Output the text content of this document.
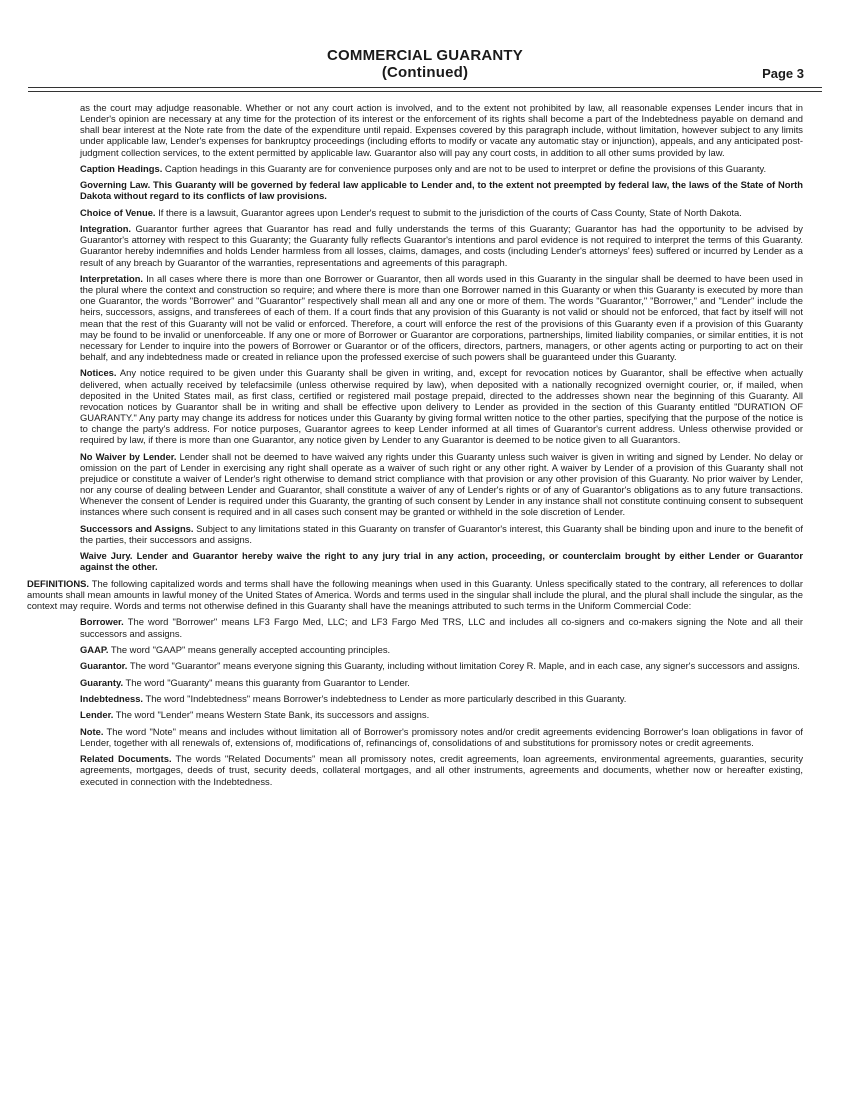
COMMERCIAL GUARANTY
(Continued)	Page 3

as the court may adjudge reasonable. Whether or not any court action is involved, and to the extent not prohibited by law, all reasonable expenses Lender incurs that in Lender's opinion are necessary at any time for the protection of its interest or the enforcement of its rights shall become a part of the Indebtedness payable on demand and shall bear interest at the Note rate from the date of the expenditure until repaid. Expenses covered by this paragraph include, without limitation, however subject to any limits under applicable law, Lender's expenses for bankruptcy proceedings (including efforts to modify or vacate any automatic stay or injunction), appeals, and any anticipated post-judgment collection services, to the extent permitted by applicable law. Guarantor also will pay any court costs, in addition to all other sums provided by law.

Caption Headings. Caption headings in this Guaranty are for convenience purposes only and are not to be used to interpret or define the provisions of this Guaranty.

Governing Law. This Guaranty will be governed by federal law applicable to Lender and, to the extent not preempted by federal law, the laws of the State of North Dakota without regard to its conflicts of law provisions.

Choice of Venue. If there is a lawsuit, Guarantor agrees upon Lender's request to submit to the jurisdiction of the courts of Cass County, State of North Dakota.

Integration. Guarantor further agrees that Guarantor has read and fully understands the terms of this Guaranty; Guarantor has had the opportunity to be advised by Guarantor's attorney with respect to this Guaranty; the Guaranty fully reflects Guarantor's intentions and parol evidence is not required to interpret the terms of this Guaranty. Guarantor hereby indemnifies and holds Lender harmless from all losses, claims, damages, and costs (including Lender's attorneys' fees) suffered or incurred by Lender as a result of any breach by Guarantor of the warranties, representations and agreements of this paragraph.

Interpretation. In all cases where there is more than one Borrower or Guarantor, then all words used in this Guaranty in the singular shall be deemed to have been used in the plural where the context and construction so require; and where there is more than one Borrower named in this Guaranty or when this Guaranty is executed by more than one Guarantor, the words "Borrower" and "Guarantor" respectively shall mean all and any one or more of them. The words "Guarantor," "Borrower," and "Lender" include the heirs, successors, assigns, and transferees of each of them. If a court finds that any provision of this Guaranty is not valid or should not be enforced, that fact by itself will not mean that the rest of this Guaranty will not be valid or enforced. Therefore, a court will enforce the rest of the provisions of this Guaranty even if a provision of this Guaranty may be found to be invalid or unenforceable. If any one or more of Borrower or Guarantor are corporations, partnerships, limited liability companies, or similar entities, it is not necessary for Lender to inquire into the powers of Borrower or Guarantor or of the officers, directors, partners, managers, or other agents acting or purporting to act on their behalf, and any indebtedness made or created in reliance upon the professed exercise of such powers shall be guaranteed under this Guaranty.

Notices. Any notice required to be given under this Guaranty shall be given in writing, and, except for revocation notices by Guarantor, shall be effective when actually delivered, when actually received by telefacsimile (unless otherwise required by law), when deposited with a nationally recognized overnight courier, or, if mailed, when deposited in the United States mail, as first class, certified or registered mail postage prepaid, directed to the addresses shown near the beginning of this Guaranty. All revocation notices by Guarantor shall be in writing and shall be effective upon delivery to Lender as provided in the section of this Guaranty entitled "DURATION OF GUARANTY." Any party may change its address for notices under this Guaranty by giving formal written notice to the other parties, specifying that the purpose of the notice is to change the party's address. For notice purposes, Guarantor agrees to keep Lender informed at all times of Guarantor's current address. Unless otherwise provided or required by law, if there is more than one Guarantor, any notice given by Lender to any Guarantor is deemed to be notice given to all Guarantors.

No Waiver by Lender. Lender shall not be deemed to have waived any rights under this Guaranty unless such waiver is given in writing and signed by Lender. No delay or omission on the part of Lender in exercising any right shall operate as a waiver of such right or any other right. A waiver by Lender of a provision of this Guaranty shall not prejudice or constitute a waiver of Lender's right otherwise to demand strict compliance with that provision or any other provision of this Guaranty. No prior waiver by Lender, nor any course of dealing between Lender and Guarantor, shall constitute a waiver of any of Lender's rights or of any of Guarantor's obligations as to any future transactions. Whenever the consent of Lender is required under this Guaranty, the granting of such consent by Lender in any instance shall not constitute continuing consent to subsequent instances where such consent is required and in all cases such consent may be granted or withheld in the sole discretion of Lender.

Successors and Assigns. Subject to any limitations stated in this Guaranty on transfer of Guarantor's interest, this Guaranty shall be binding upon and inure to the benefit of the parties, their successors and assigns.

Waive Jury. Lender and Guarantor hereby waive the right to any jury trial in any action, proceeding, or counterclaim brought by either Lender or Guarantor against the other.

DEFINITIONS. The following capitalized words and terms shall have the following meanings when used in this Guaranty. Unless specifically stated to the contrary, all references to dollar amounts shall mean amounts in lawful money of the United States of America. Words and terms used in the singular shall include the plural, and the plural shall include the singular, as the context may require. Words and terms not otherwise defined in this Guaranty shall have the meanings attributed to such terms in the Uniform Commercial Code:

Borrower. The word "Borrower" means LF3 Fargo Med, LLC; and LF3 Fargo Med TRS, LLC and includes all co-signers and co-makers signing the Note and all their successors and assigns.

GAAP. The word "GAAP" means generally accepted accounting principles.

Guarantor. The word "Guarantor" means everyone signing this Guaranty, including without limitation Corey R. Maple, and in each case, any signer's successors and assigns.

Guaranty. The word "Guaranty" means this guaranty from Guarantor to Lender.

Indebtedness. The word "Indebtedness" means Borrower's indebtedness to Lender as more particularly described in this Guaranty.

Lender. The word "Lender" means Western State Bank, its successors and assigns.

Note. The word "Note" means and includes without limitation all of Borrower's promissory notes and/or credit agreements evidencing Borrower's loan obligations in favor of Lender, together with all renewals of, extensions of, modifications of, refinancings of, consolidations of and substitutions for promissory notes or credit agreements.

Related Documents. The words "Related Documents" mean all promissory notes, credit agreements, loan agreements, environmental agreements, guaranties, security agreements, mortgages, deeds of trust, security deeds, collateral mortgages, and all other instruments, agreements and documents, whether now or hereafter existing, executed in connection with the Indebtedness.
